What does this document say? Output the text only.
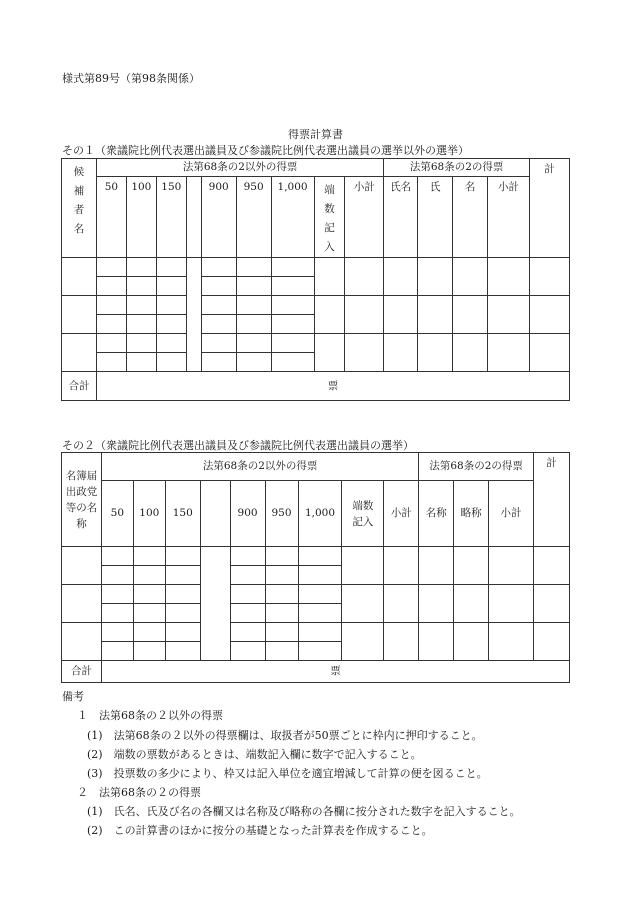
様式第89号（第98条関係）
得票計算書
その１（衆議院比例代表選出議員及び参議院比例代表選出議員の選挙以外の選挙）
候補者名	法第68条の2以外の得票									法第68条の2の得票				計
	50	100	150		900	950	1,000	端数記入	小計	氏名	氏	名	小計	

合計	票													
その２（衆議院比例代表選出議員及び参議院比例代表選出議員の選挙）
名簿届出政党等の名称	法第68条の2以外の得票									法第68条の2の得票			計
	50	100	150		900	950	1,000	端数記入	小計	名称	略称	小計	

合計	票												
備考
１　法第68条の２以外の得票
(1)　法第68条の２以外の得票欄は、取扱者が50票ごとに枠内に押印すること。
(2)　端数の票数があるときは、端数記入欄に数字で記入すること。
(3)　投票数の多少により、枠又は記入単位を適宜増減して計算の便を図ること。
２　法第68条の２の得票
(1)　氏名、氏及び名の各欄又は名称及び略称の各欄に按分された数字を記入すること。
(2)　この計算書のほかに按分の基礎となった計算表を作成すること。
